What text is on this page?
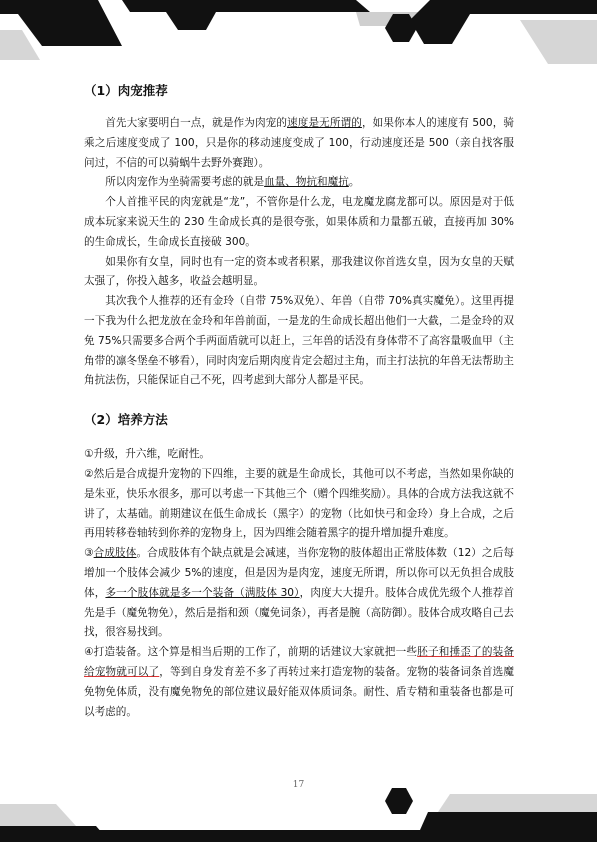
（1）肉宠推荐

首先大家要明白一点，就是作为肉宠的速度是无所谓的，如果你本人的速度有 500，骑乘之后速度变成了 100，只是你的移动速度变成了 100，行动速度还是 500（亲自找客服问过，不信的可以骑蜗牛去野外赛跑）。

所以肉宠作为坐骑需要考虑的就是血量、物抗和魔抗。

个人首推平民的肉宠就是“龙”，不管你是什么龙，电龙魔龙腐龙都可以。原因是对于低成本玩家来说天生的 230 生命成长真的是很夸张，如果体质和力量都五破，直接再加 30%的生命成长，生命成长直接破 300。

如果你有女皇，同时也有一定的资本或者积累，那我建议你首选女皇，因为女皇的天赋太强了，你投入越多，收益会越明显。

其次我个人推荐的还有金玲（自带 75%双免）、年兽（自带 70%真实魔免）。这里再提一下我为什么把龙放在金玲和年兽前面，一是龙的生命成长超出他们一大截，二是金玲的双免 75%只需要多合两个手两面盾就可以赶上，三年兽的话没有身体带不了高容量吸血甲（主角带的凛冬堡垒不够看），同时肉宠后期肉度肯定会超过主角，而主打法抗的年兽无法帮助主角抗法伤，只能保证自己不死，四考虑到大部分人都是平民。

（2）培养方法

①升级，升六维，吃耐性。

②然后是合成提升宠物的下四维，主要的就是生命成长，其他可以不考虑，当然如果你缺的是朱亚，快乐水很多，那可以考虑一下其他三个（赠个四维奖励）。具体的合成方法我这就不讲了，太基础。前期建议在低生命成长（黑字）的宠物（比如快弓和金玲）身上合成，之后再用转移卷轴转到你养的宠物身上，因为四维会随着黑字的提升增加提升难度。

③合成肢体。合成肢体有个缺点就是会减速，当你宠物的肢体超出正常肢体数（12）之后每增加一个肢体会减少 5%的速度，但是因为是肉宠，速度无所谓，所以你可以无负担合成肢体，多一个肢体就是多一个装备（满肢体 30），肉度大大提升。肢体合成优先级个人推荐首先是手（魔免物免），然后是指和颈（魔免词条），再者是腕（高防御）。肢体合成攻略自己去找，很容易找到。

④打造装备。这个算是相当后期的工作了，前期的话建议大家就把一些胚子和捶歪了的装备给宠物就可以了，等到自身发育差不多了再转过来打造宠物的装备。宠物的装备词条首选魔免物免体质，没有魔免物免的部位建议最好能双体质词条。耐性、盾专精和重装备也都是可以考虑的。

17
